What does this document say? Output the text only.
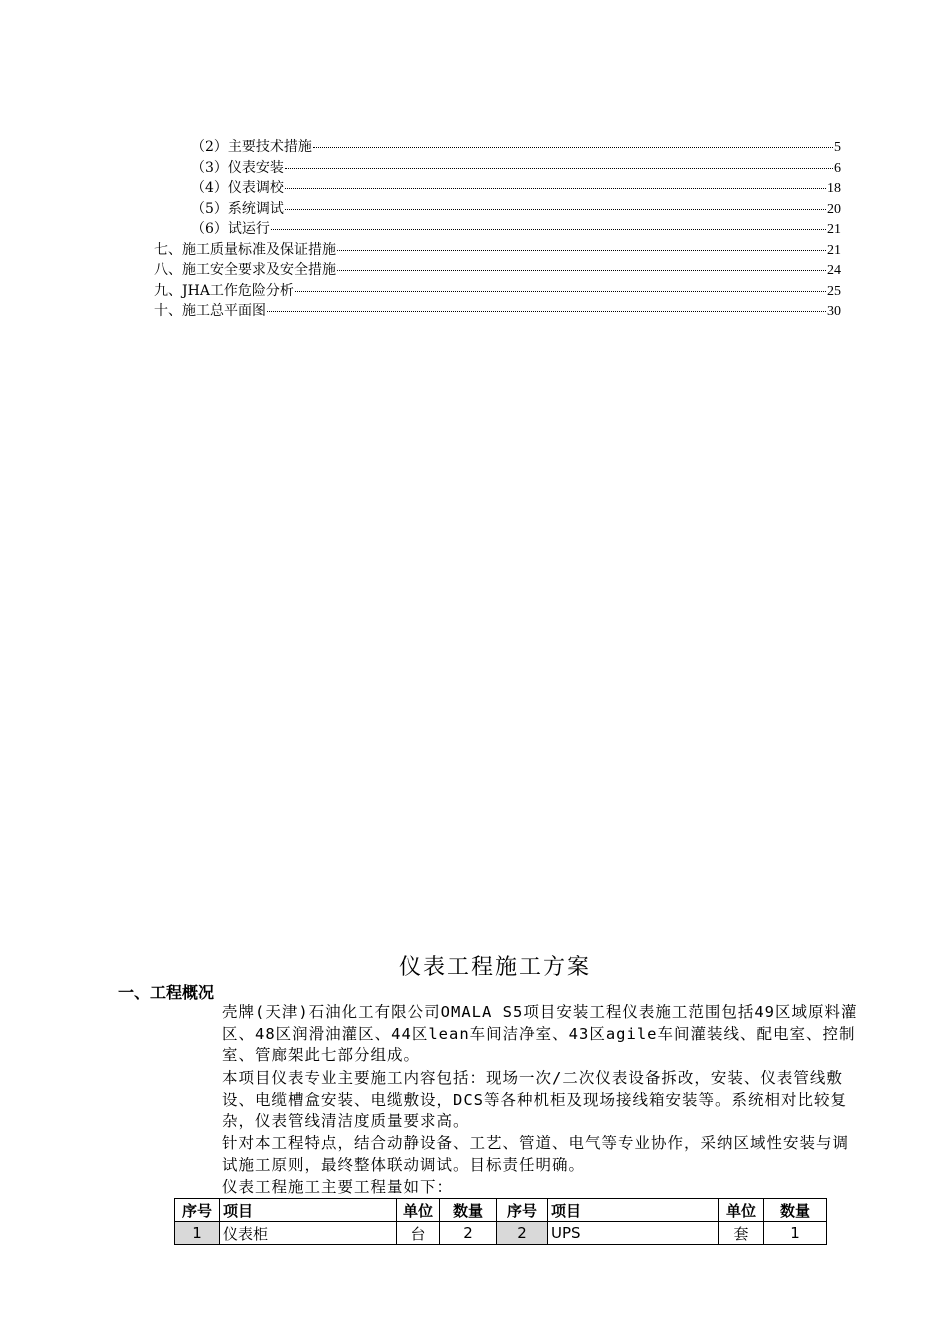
（2）主要技术措施	5
（3）仪表安装	6
（4）仪表调校	18
（5）系统调试	20
（6）试运行	21
七、施工质量标准及保证措施	21
八、施工安全要求及安全措施	24
九、JHA工作危险分析	25
十、施工总平面图	30
仪表工程施工方案
一、工程概况
壳牌(天津)石油化工有限公司OMALA S5项目安装工程仪表施工范围包括49区域原料灌区、48区润滑油灌区、44区lean车间洁净室、43区agile车间灌装线、配电室、控制室、管廊架此七部分组成。
本项目仪表专业主要施工内容包括：现场一次/二次仪表设备拆改，安装、仪表管线敷设、电缆槽盒安装、电缆敷设，DCS等各种机柜及现场接线箱安装等。系统相对比较复杂，仪表管线清洁度质量要求高。
针对本工程特点，结合动静设备、工艺、管道、电气等专业协作，采纳区域性安装与调试施工原则，最终整体联动调试。目标责任明确。
仪表工程施工主要工程量如下：
序号	项目	单位	数量	序号	项目	单位	数量
1	仪表柜	台	2	2	UPS	套	1
